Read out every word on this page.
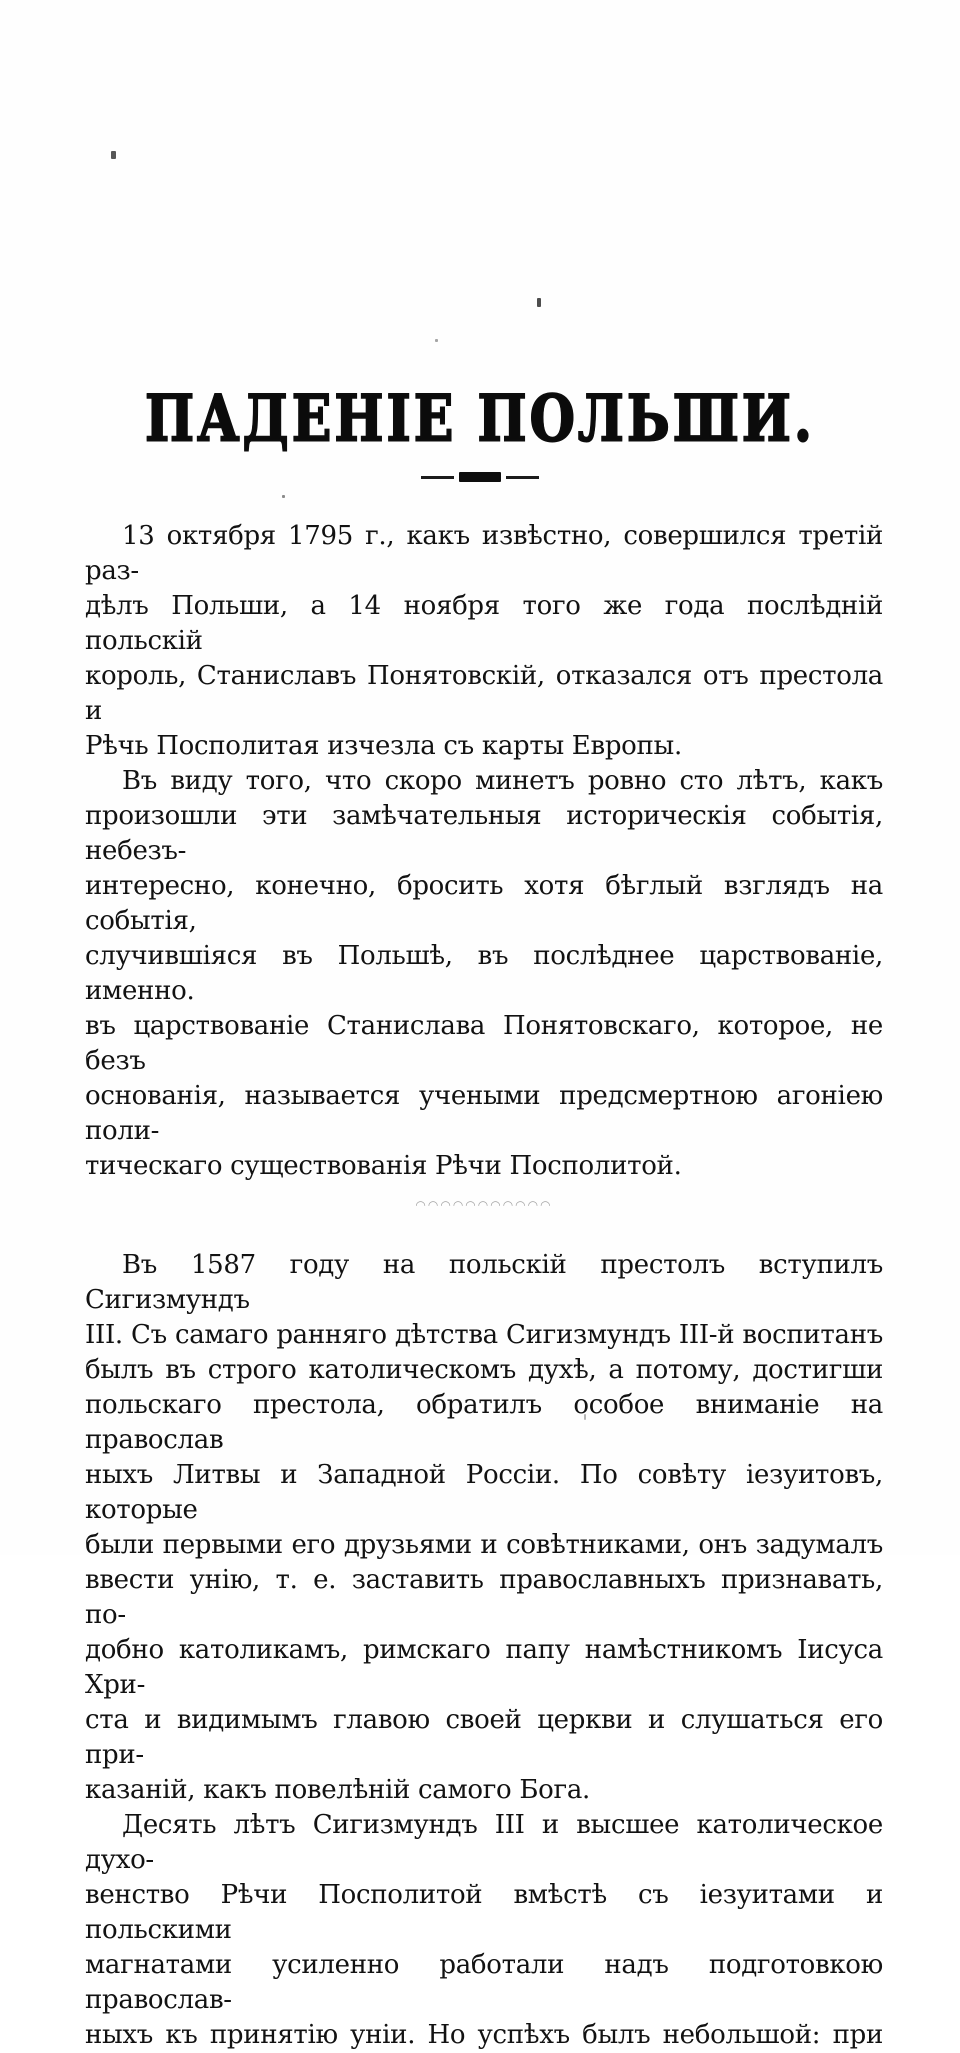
ПАДЕНІЕ ПОЛЬШИ.
13 октября 1795 г., какъ извѣстно, совершился третій раз-
дѣлъ Польши, а 14 ноября того же года послѣдній польскій
король, Станиславъ Понятовскій, отказался отъ престола и
Рѣчь Посполитая изчезла съ карты Европы.
Въ виду того, что скоро минетъ ровно сто лѣтъ, какъ
произошли эти замѣчательныя историческія событія, небезъ-
интересно, конечно, бросить хотя бѣглый взглядъ на событія,
случившіяся въ Польшѣ, въ послѣднее царствованіе, именно.
въ царствованіе Станислава Понятовскаго, которое, не безъ
основанія, называется учеными предсмертною агоніею поли-
тическаго существованія Рѣчи Посполитой.
◠◠◠◠◠◠◠◠◠◠◠
Въ 1587 году на польскій престолъ вступилъ Сигизмундъ
III. Съ самаго ранняго дѣтства Сигизмундъ III-й воспитанъ
былъ въ строго католическомъ духѣ, а потому, достигши
польскаго престола, обратилъ особое вниманіе на православ
ныхъ Литвы и Западной Россіи. По совѣту іезуитовъ, которые
были первыми его друзьями и совѣтниками, онъ задумалъ
ввести унію, т. е. заставить православныхъ признавать, по-
добно католикамъ, римскаго папу намѣстникомъ Іисуса Хри-
ста и видимымъ главою своей церкви и слушаться его при-
казаній, какъ повелѣній самого Бога.
Десять лѣтъ Сигизмундъ III и высшее католическое духо-
венство Рѣчи Посполитой вмѣстѣ съ іезуитами и польскими
магнатами усиленно работали надъ подготовкою православ-
ныхъ къ принятію уніи. Но успѣхъ былъ небольшой: при
